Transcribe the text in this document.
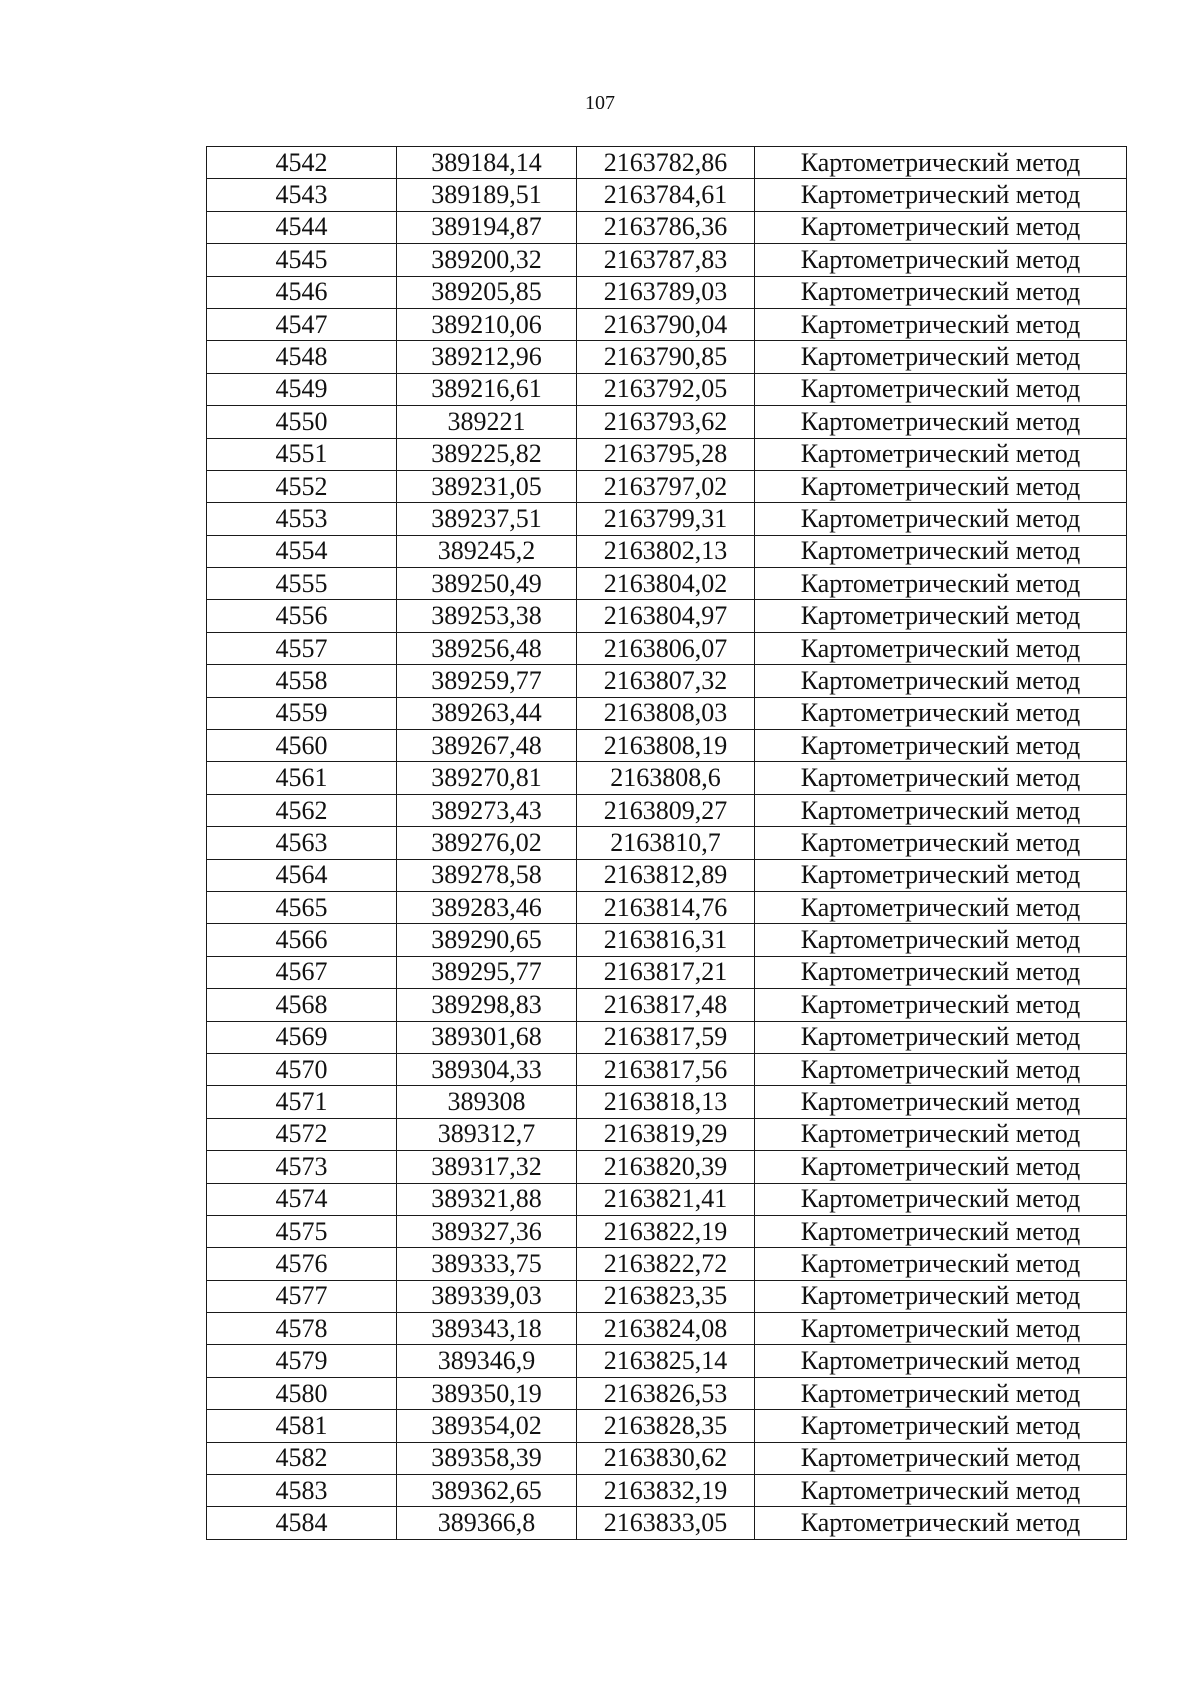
107
4542	389184,14	2163782,86	Картометрический метод
4543	389189,51	2163784,61	Картометрический метод
4544	389194,87	2163786,36	Картометрический метод
4545	389200,32	2163787,83	Картометрический метод
4546	389205,85	2163789,03	Картометрический метод
4547	389210,06	2163790,04	Картометрический метод
4548	389212,96	2163790,85	Картометрический метод
4549	389216,61	2163792,05	Картометрический метод
4550	389221	2163793,62	Картометрический метод
4551	389225,82	2163795,28	Картометрический метод
4552	389231,05	2163797,02	Картометрический метод
4553	389237,51	2163799,31	Картометрический метод
4554	389245,2	2163802,13	Картометрический метод
4555	389250,49	2163804,02	Картометрический метод
4556	389253,38	2163804,97	Картометрический метод
4557	389256,48	2163806,07	Картометрический метод
4558	389259,77	2163807,32	Картометрический метод
4559	389263,44	2163808,03	Картометрический метод
4560	389267,48	2163808,19	Картометрический метод
4561	389270,81	2163808,6	Картометрический метод
4562	389273,43	2163809,27	Картометрический метод
4563	389276,02	2163810,7	Картометрический метод
4564	389278,58	2163812,89	Картометрический метод
4565	389283,46	2163814,76	Картометрический метод
4566	389290,65	2163816,31	Картометрический метод
4567	389295,77	2163817,21	Картометрический метод
4568	389298,83	2163817,48	Картометрический метод
4569	389301,68	2163817,59	Картометрический метод
4570	389304,33	2163817,56	Картометрический метод
4571	389308	2163818,13	Картометрический метод
4572	389312,7	2163819,29	Картометрический метод
4573	389317,32	2163820,39	Картометрический метод
4574	389321,88	2163821,41	Картометрический метод
4575	389327,36	2163822,19	Картометрический метод
4576	389333,75	2163822,72	Картометрический метод
4577	389339,03	2163823,35	Картометрический метод
4578	389343,18	2163824,08	Картометрический метод
4579	389346,9	2163825,14	Картометрический метод
4580	389350,19	2163826,53	Картометрический метод
4581	389354,02	2163828,35	Картометрический метод
4582	389358,39	2163830,62	Картометрический метод
4583	389362,65	2163832,19	Картометрический метод
4584	389366,8	2163833,05	Картометрический метод
